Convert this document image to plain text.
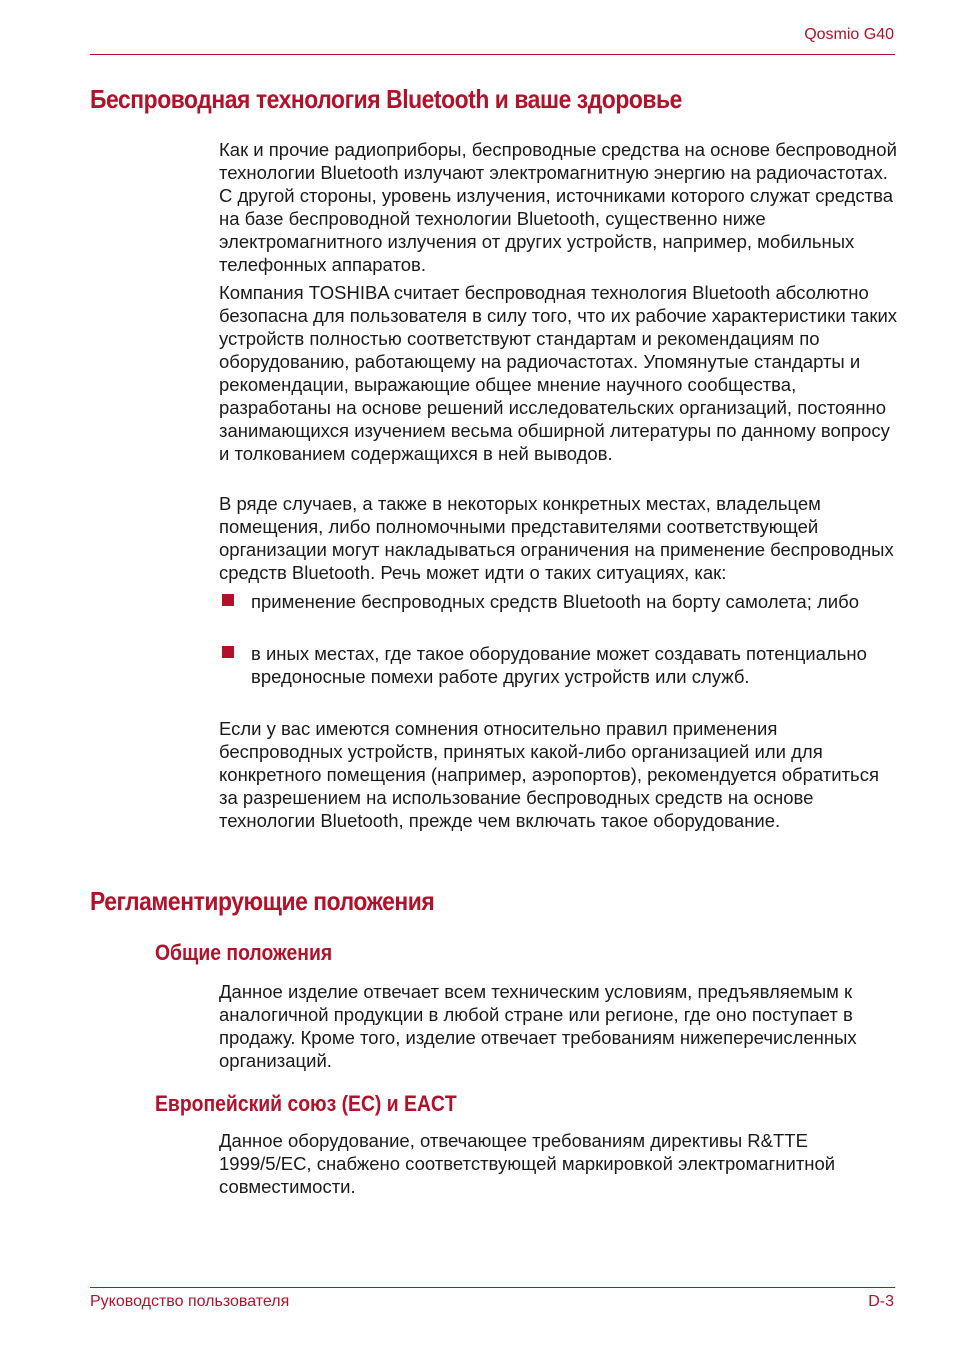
Qosmio G40
Беспроводная технология Bluetooth и ваше здоровье

Как и прочие радиоприборы, беспроводные средства на основе беспроводной технологии Bluetooth излучают электромагнитную энергию на радиочастотах. С другой стороны, уровень излучения, источниками которого служат средства на базе беспроводной технологии Bluetooth, существенно ниже электромагнитного излучения от других устройств, например, мобильных телефонных аппаратов.

Компания TOSHIBA считает беспроводная технология Bluetooth абсолютно безопасна для пользователя в силу того, что их рабочие характеристики таких устройств полностью соответствуют стандартам и рекомендациям по оборудованию, работающему на радиочастотах. Упомянутые стандарты и рекомендации, выражающие общее мнение научного сообщества, разработаны на основе решений исследовательских организаций, постоянно занимающихся изучением весьма обширной литературы по данному вопросу и толкованием содержащихся в ней выводов.

В ряде случаев, а также в некоторых конкретных местах, владельцем помещения, либо полномочными представителями соответствующей организации могут накладываться ограничения на применение беспроводных средств Bluetooth. Речь может идти о таких ситуациях, как:

применение беспроводных средств Bluetooth на борту самолета; либо
в иных местах, где такое оборудование может создавать потенциально вредоносные помехи работе других устройств или служб.

Если у вас имеются сомнения относительно правил применения беспроводных устройств, принятых какой-либо организацией или для конкретного помещения (например, аэропортов), рекомендуется обратиться за разрешением на использование беспроводных средств на основе технологии Bluetooth, прежде чем включать такое оборудование.

Регламентирующие положения
Общие положения

Данное изделие отвечает всем техническим условиям, предъявляемым к аналогичной продукции в любой стране или регионе, где оно поступает в продажу. Кроме того, изделие отвечает требованиям нижеперечисленных организаций.

Европейский союз (ЕС) и EACT

Данное оборудование, отвечающее требованиям директивы R&TTE 1999/5/EC, снабжено соответствующей маркировкой электромагнитной совместимости.

Руководство пользователя	D-3
